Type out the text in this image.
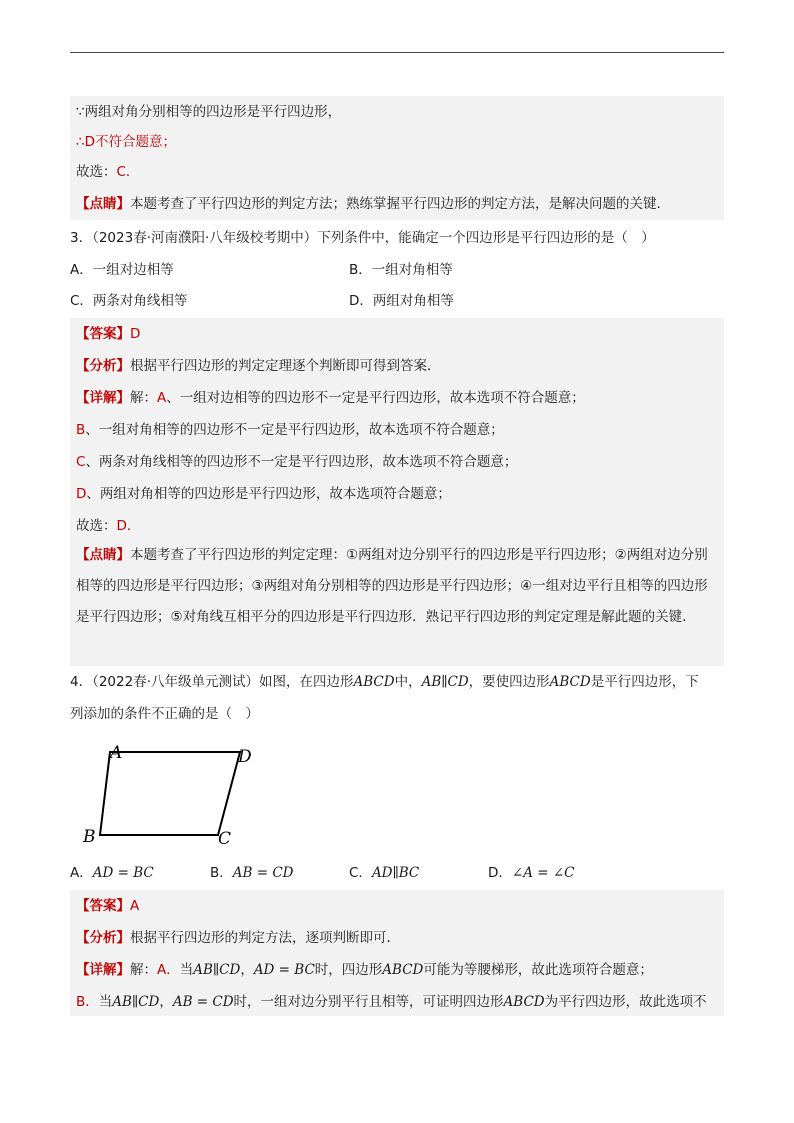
∵两组对角分别相等的四边形是平行四边形，
∴D不符合题意；
故选：C．
【点睛】本题考查了平行四边形的判定方法；熟练掌握平行四边形的判定方法，是解决问题的关键．
3．（2023春·河南濮阳·八年级校考期中）下列条件中，能确定一个四边形是平行四边形的是（　）
A．一组对边相等	B．一组对角相等
C．两条对角线相等	D．两组对角相等
【答案】D
【分析】根据平行四边形的判定定理逐个判断即可得到答案．
【详解】解：A、一组对边相等的四边形不一定是平行四边形，故本选项不符合题意；
B、一组对角相等的四边形不一定是平行四边形，故本选项不符合题意；
C、两条对角线相等的四边形不一定是平行四边形，故本选项不符合题意；
D、两组对角相等的四边形是平行四边形，故本选项符合题意；
故选：D．
【点睛】本题考查了平行四边形的判定定理：①两组对边分别平行的四边形是平行四边形；②两组对边分别相等的四边形是平行四边形；③两组对角分别相等的四边形是平行四边形；④一组对边平行且相等的四边形是平行四边形；⑤对角线互相平分的四边形是平行四边形．熟记平行四边形的判定定理是解此题的关键．
4．（2022春·八年级单元测试）如图，在四边形ABCD中，AB∥CD，要使四边形ABCD是平行四边形，下
列添加的条件不正确的是（　）
A	D
B	C
A．AD = BC	B．AB = CD	C．AD∥BC	D．∠A = ∠C
【答案】A
【分析】根据平行四边形的判定方法，逐项判断即可．
【详解】解：A．当AB∥CD，AD = BC时，四边形ABCD可能为等腰梯形，故此选项符合题意；
B．当AB∥CD，AB = CD时，一组对边分别平行且相等，可证明四边形ABCD为平行四边形，故此选项不
